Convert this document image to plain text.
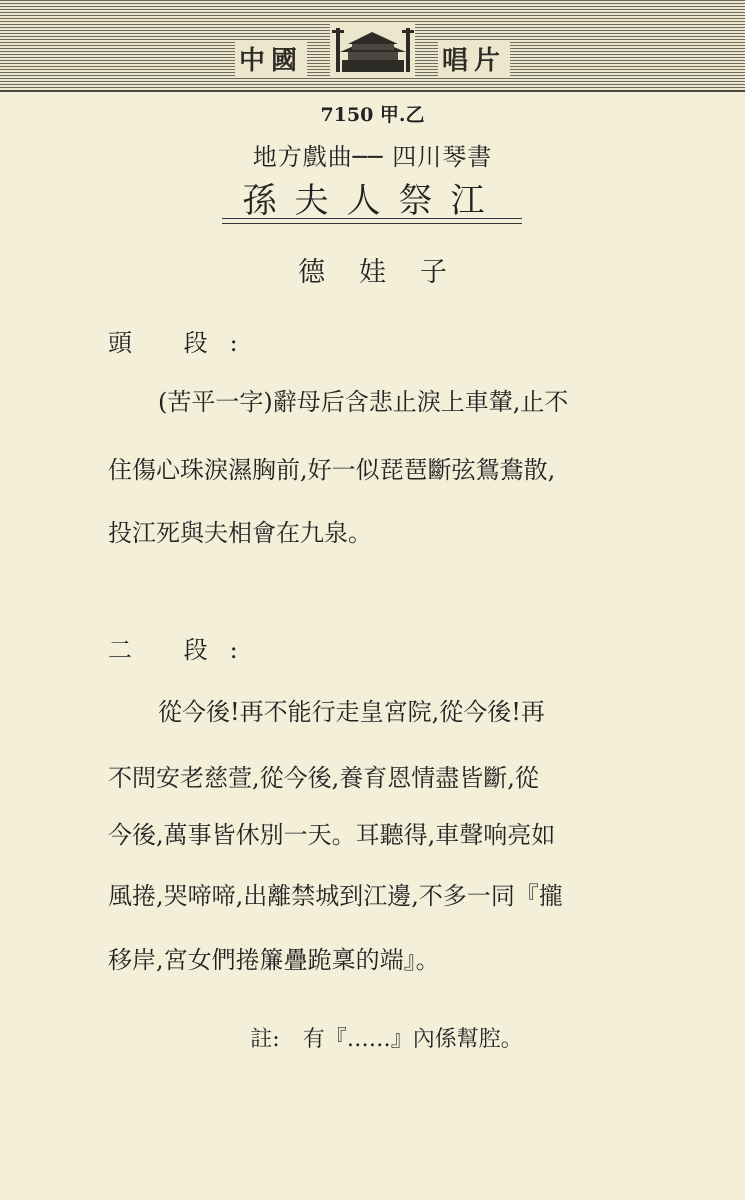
中國	唱片
7150 甲.乙
地方戲曲── 四川琴書
孫夫人祭江
德娃子
頭 段:
(苦平一字)辭母后含悲止淚上車輦,止不
住傷心珠淚濕胸前,好一似琵琶斷弦鴛鴦散,
投江死與夫相會在九泉。
二 段:
從今後!再不能行走皇宮院,從今後!再
不問安老慈萱,從今後,養育恩情盡皆斷,從
今後,萬事皆休別一天。耳聽得,車聲响亮如
風捲,哭啼啼,出離禁城到江邊,不多一同『攏
移岸,宮女們捲簾疊跪稟的端』。
註: 有『……』內係幫腔。
